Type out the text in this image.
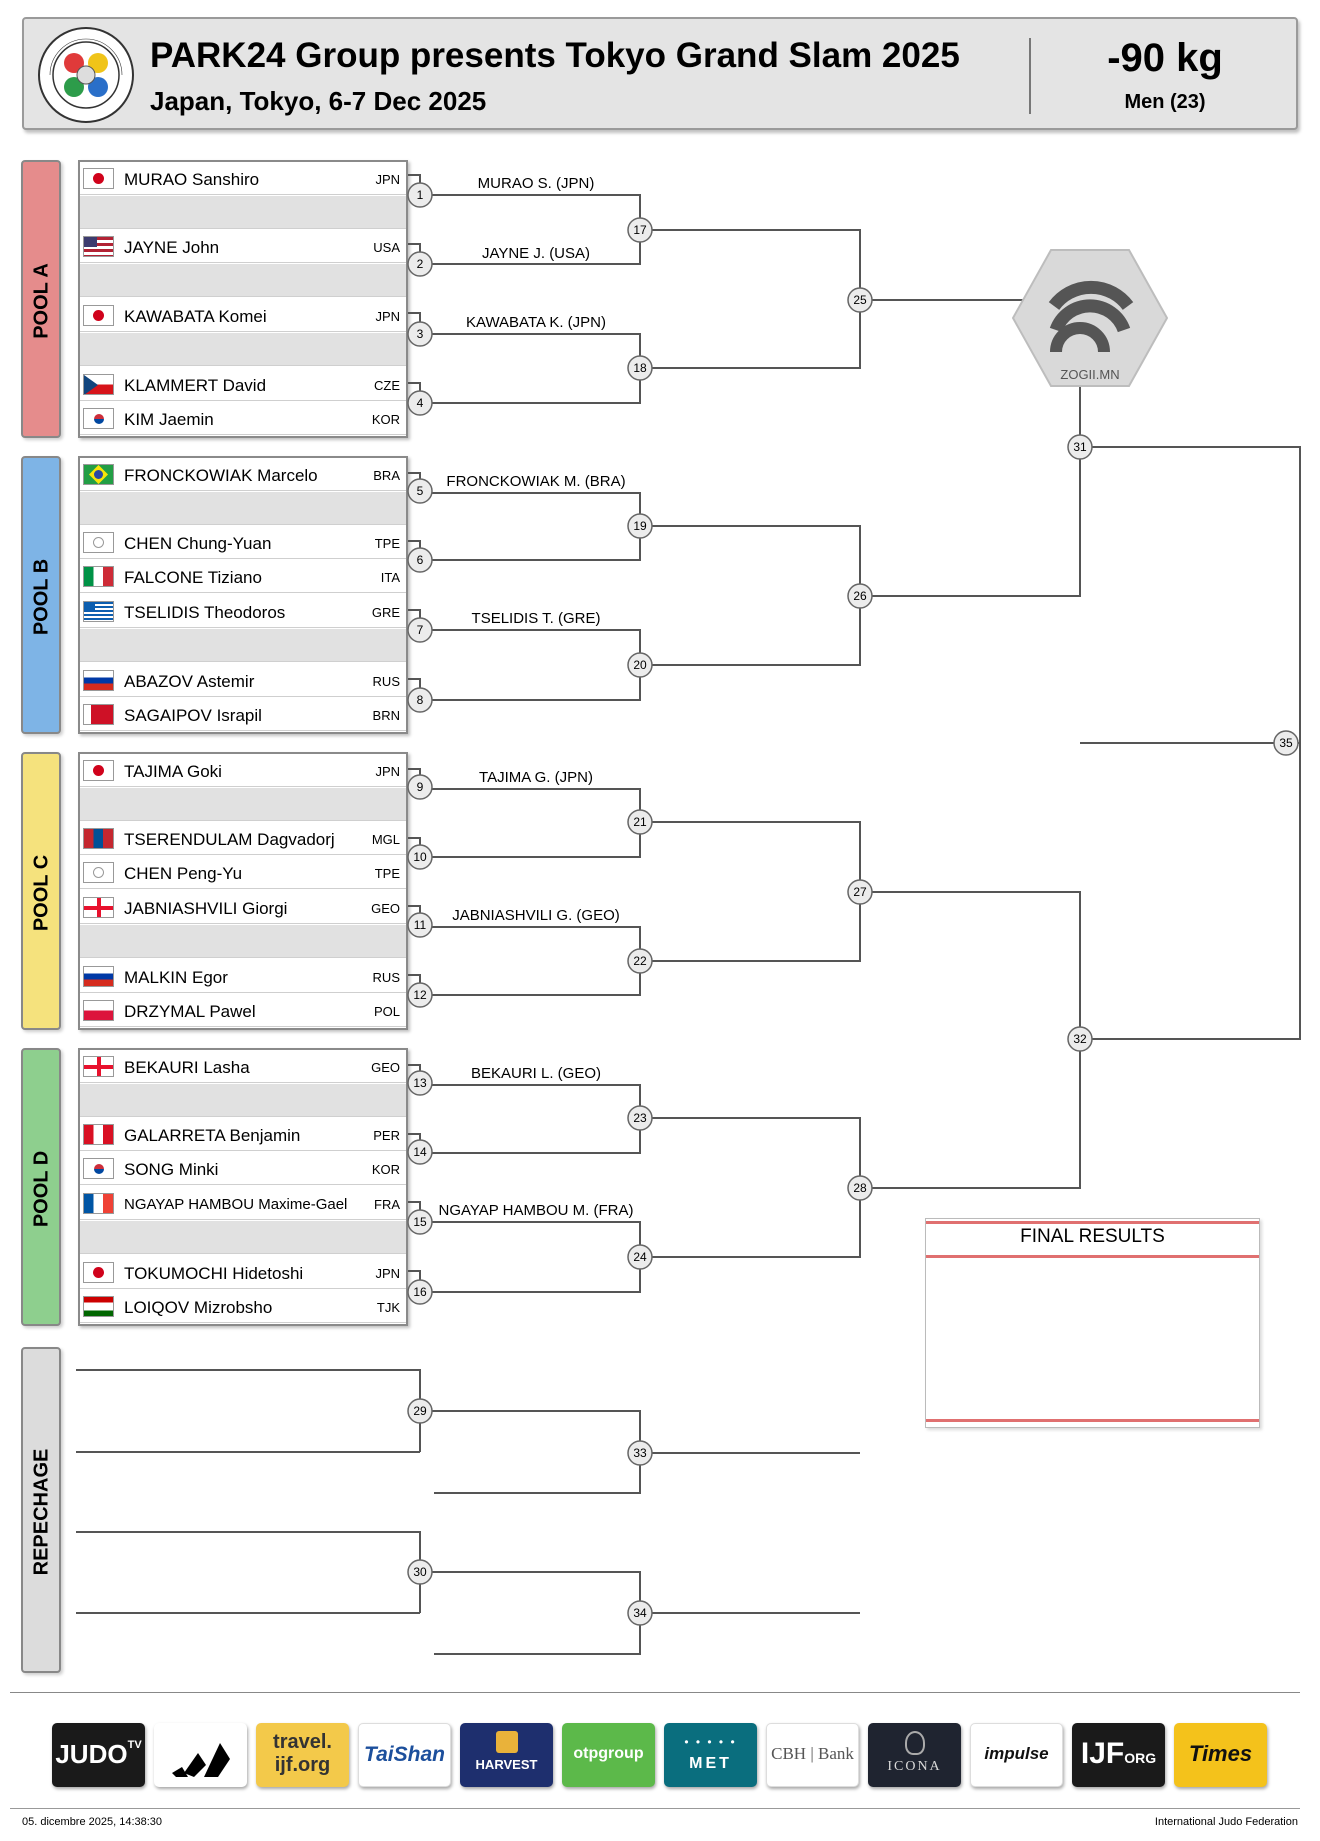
PARK24 Group presents Tokyo Grand Slam 2025
Japan, Tokyo, 6-7 Dec 2025
-90 kg
Men (23)
POOL A
POOL B
POOL C
POOL D
REPECHAGE
MURAO Sanshiro	JPN
JAYNE John	USA
KAWABATA Komei	JPN
KLAMMERT David	CZE
KIM Jaemin	KOR
FRONCKOWIAK Marcelo	BRA
CHEN Chung-Yuan	TPE
FALCONE Tiziano	ITA
TSELIDIS Theodoros	GRE
ABAZOV Astemir	RUS
SAGAIPOV Israpil	BRN
TAJIMA Goki	JPN
TSERENDULAM Dagvadorj	MGL
CHEN Peng-Yu	TPE
JABNIASHVILI Giorgi	GEO
MALKIN Egor	RUS
DRZYMAL Pawel	POL
BEKAURI Lasha	GEO
GALARRETA Benjamin	PER
SONG Minki	KOR
NGAYAP HAMBOU Maxime-Gael FRA
TOKUMOCHI Hidetoshi	JPN
LOIQOV Mizrobsho	TJK
MURAO S. (JPN)
JAYNE J. (USA)
KAWABATA K. (JPN)
FRONCKOWIAK M. (BRA)
TSELIDIS T. (GRE)
TAJIMA G. (JPN)
JABNIASHVILI G. (GEO)
BEKAURI L. (GEO)
NGAYAP HAMBOU M. (FRA)
1
2
3
4
5
6
7
8
9
10
11
12
13
14
15
16
17
18
19
20
21
22
23
24
25
26
27
28
29
30
31
32
33
34
35
ZOGII.MN
FINAL RESULTS
$JUDO^{TV}$	travel.
ijf.org	TaiShan	HARVEST
otpgroup
• • • • •
MET
CBH | Bank
ICONA
impulse	IJFORG	Times
05. dicembre 2025, 14:38:30	International Judo Federation
